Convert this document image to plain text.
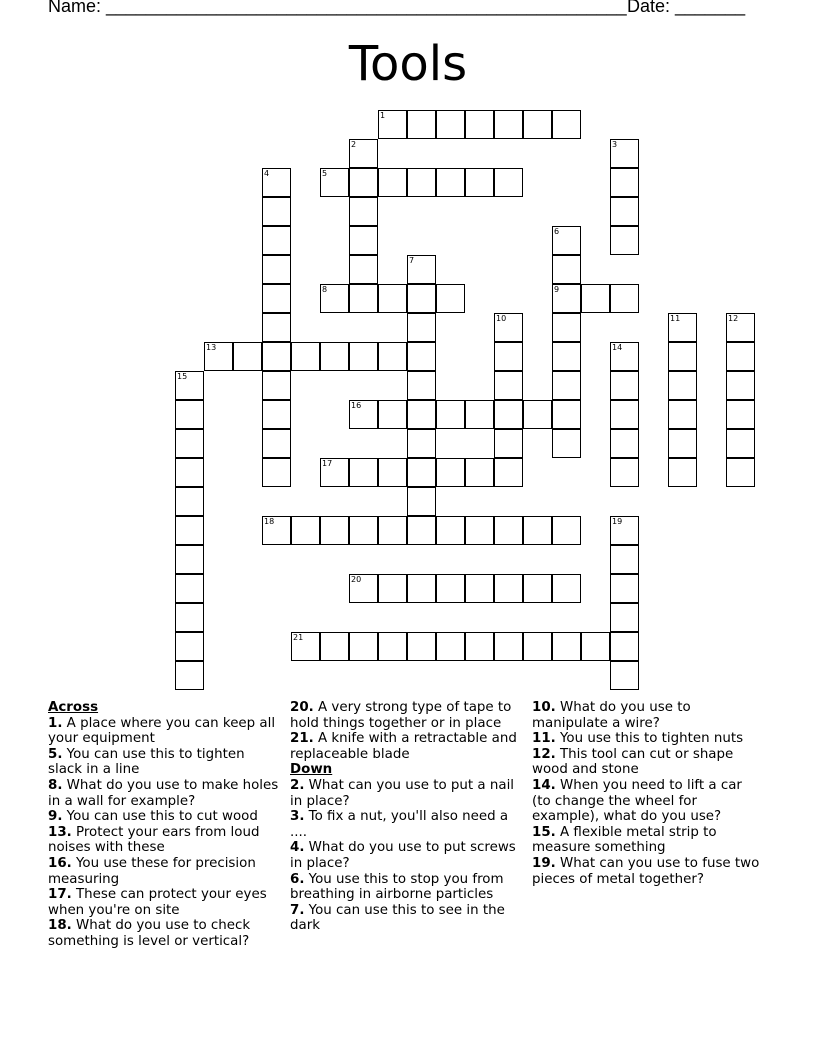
Name: ____________________________________________________ Date: _______
Tools
1
2	3
4	5
6
7
8	9
10	11	12
13	14
15
16
17
18	19
20
21
Across
1. A place where you can keep all your equipment
5. You can use this to tighten slack in a line
8. What do you use to make holes in a wall for example?
9. You can use this to cut wood
13. Protect your ears from loud noises with these
16. You use these for precision measuring
17. These can protect your eyes when you're on site
18. What do you use to check something is level or vertical?
20. A very strong type of tape to hold things together or in place
21. A knife with a retractable and replaceable blade
Down
2. What can you use to put a nail in place?
3. To fix a nut, you'll also need a ....
4. What do you use to put screws in place?
6. You use this to stop you from breathing in airborne particles
7. You can use this to see in the dark
10. What do you use to manipulate a wire?
11. You use this to tighten nuts
12. This tool can cut or shape wood and stone
14. When you need to lift a car (to change the wheel for example), what do you use?
15. A flexible metal strip to measure something
19. What can you use to fuse two pieces of metal together?
